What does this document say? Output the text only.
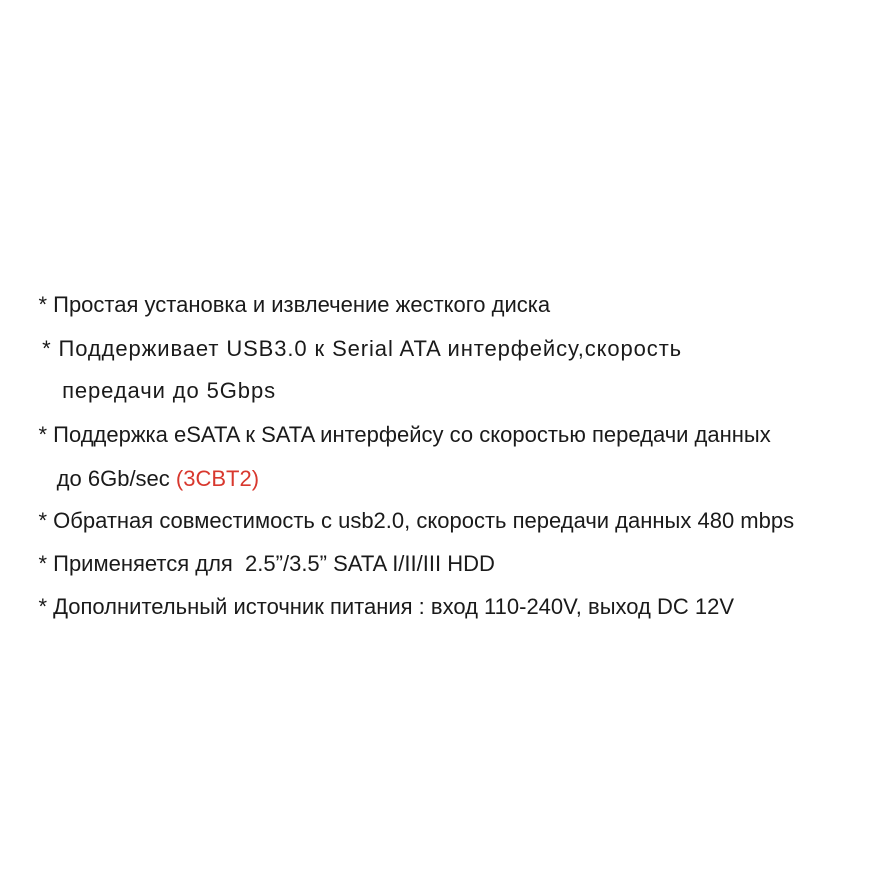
* Простая установка и извлечение жесткого диска

* Поддерживает USB3.0 к Serial ATA интерфейсу,скорость

передачи до 5Gbps

* Поддержка eSATA к SATA интерфейсу со скоростью передачи данных

до 6Gb/sec (3CBT2)

* Обратная совместимость с usb2.0, скорость передачи данных 480 mbps

* Применяется для  2.5”/3.5” SATA I/II/III HDD

* Дополнительный источник питания : вход 110-240V, выход DC 12V
